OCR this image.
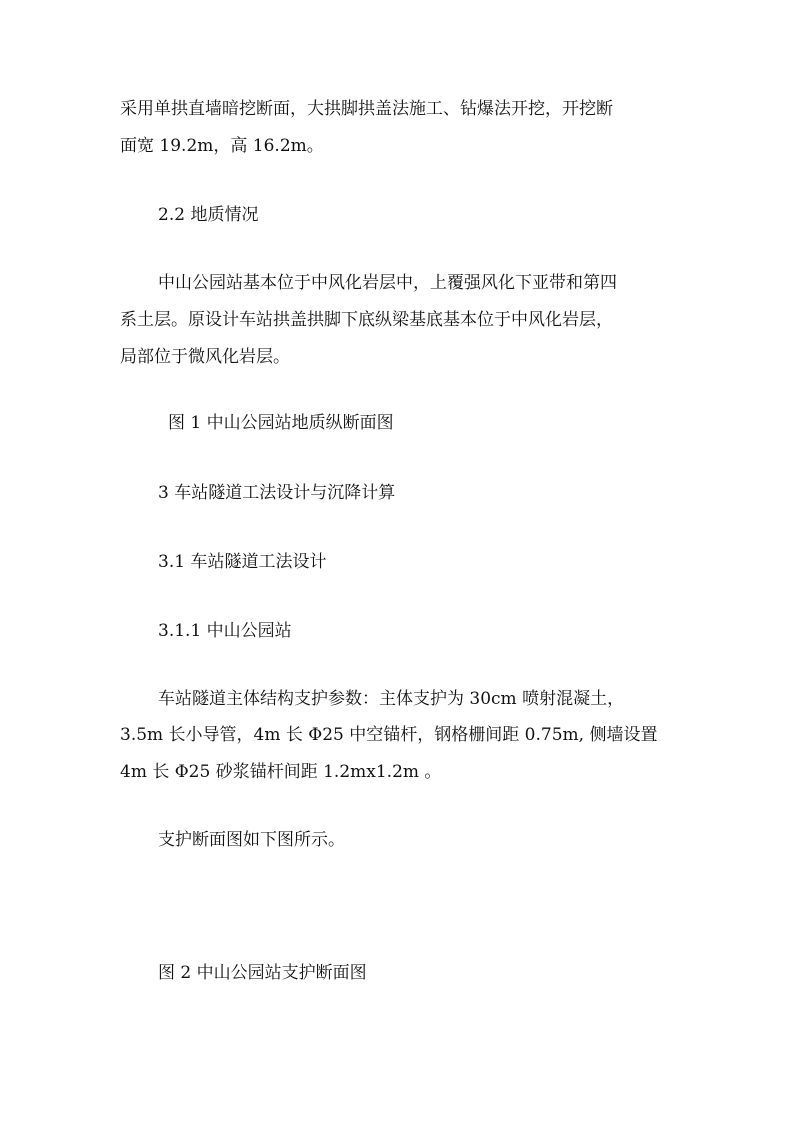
采用单拱直墙暗挖断面，大拱脚拱盖法施工、钻爆法开挖，开挖断
面宽 19.2m，高 16.2m。
2.2 地质情况
中山公园站基本位于中风化岩层中，上覆强风化下亚带和第四
系土层。原设计车站拱盖拱脚下底纵梁基底基本位于中风化岩层，
局部位于微风化岩层。
图 1 中山公园站地质纵断面图
3 车站隧道工法设计与沉降计算
3.1 车站隧道工法设计
3.1.1 中山公园站
车站隧道主体结构支护参数：主体支护为 30cm 喷射混凝土，
3.5m 长小导管，4m 长 Φ25 中空锚杆，钢格栅间距 0.75m, 侧墙设置
4m 长 Φ25 砂浆锚杆间距 1.2mx1.2m 。
支护断面图如下图所示。
图 2 中山公园站支护断面图
